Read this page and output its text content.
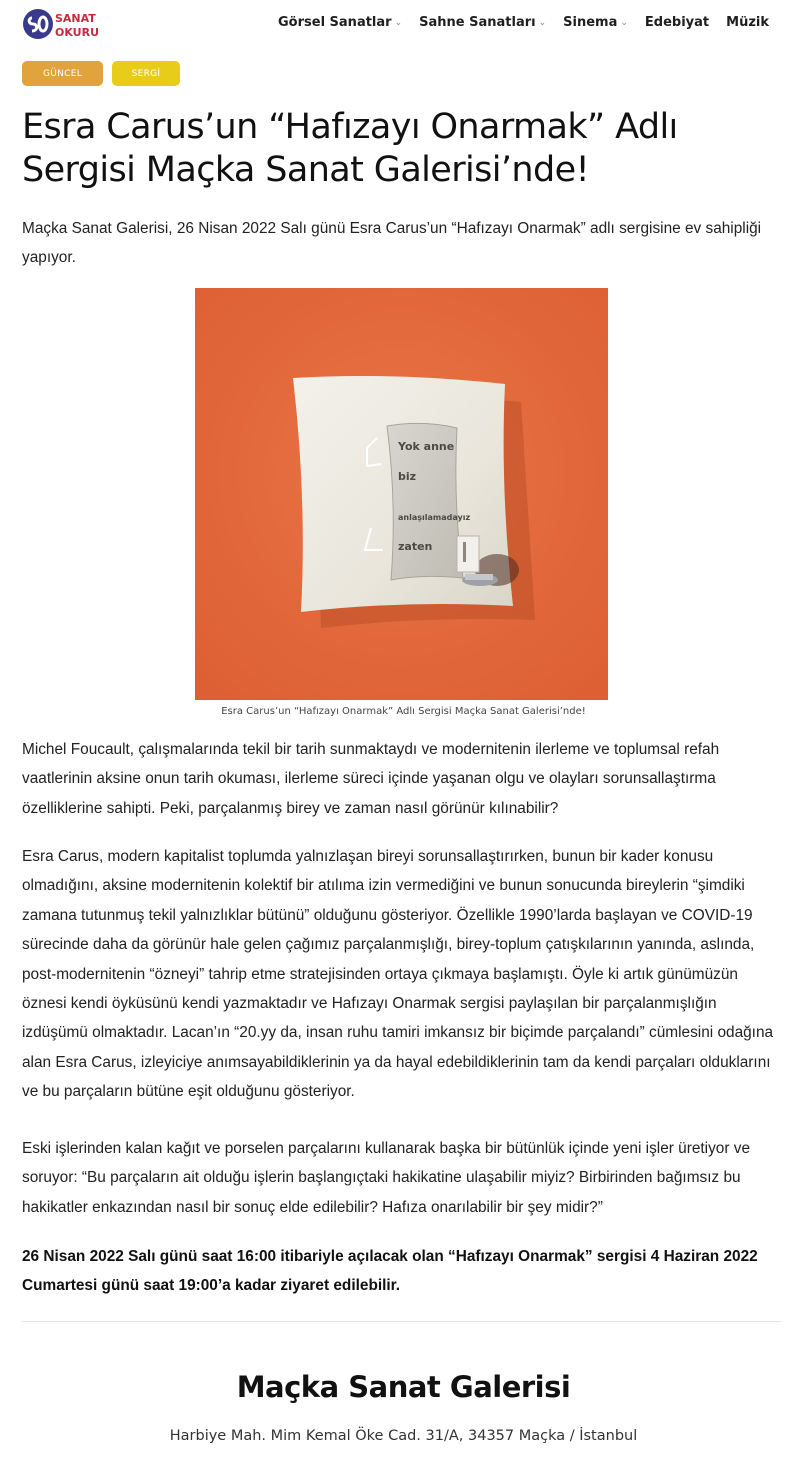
SANAT
OKURU
Görsel Sanatlar ⌄ Sahne Sanatları ⌄ Sinema ⌄ Edebiyat Müzik
GÜNCEL	SERGİ
Esra Carus’un “Hafızayı Onarmak” Adlı Sergisi Maçka Sanat Galerisi’nde!

Maçka Sanat Galerisi, 26 Nisan 2022 Salı günü Esra Carus’un “Hafızayı Onarmak” adlı sergisine ev sahipliği yapıyor.

Yok anne
biz
anlaşılamadayız
zaten
Esra Carus’un “Hafızayı Onarmak” Adlı Sergisi Maçka Sanat Galerisi’nde!

Michel Foucault, çalışmalarında tekil bir tarih sunmaktaydı ve modernitenin ilerleme ve toplumsal refah vaatlerinin aksine onun tarih okuması, ilerleme süreci içinde yaşanan olgu ve olayları sorunsallaştırma özelliklerine sahipti. Peki, parçalanmış birey ve zaman nasıl görünür kılınabilir?

Esra Carus, modern kapitalist toplumda yalnızlaşan bireyi sorunsallaştırırken, bunun bir kader konusu olmadığını, aksine modernitenin kolektif bir atılıma izin vermediğini ve bunun sonucunda bireylerin “şimdiki zamana tutunmuş tekil yalnızlıklar bütünü” olduğunu gösteriyor. Özellikle 1990’larda başlayan ve COVID-19 sürecinde daha da görünür hale gelen çağımız parçalanmışlığı, birey-toplum çatışkılarının yanında, aslında, post-modernitenin “özneyi” tahrip etme stratejisinden ortaya çıkmaya başlamıştı. Öyle ki artık günümüzün öznesi kendi öyküsünü kendi yazmaktadır ve Hafızayı Onarmak sergisi paylaşılan bir parçalanmışlığın izdüşümü olmaktadır. Lacan’ın “20.yy da, insan ruhu tamiri imkansız bir biçimde parçalandı” cümlesini odağına alan Esra Carus, izleyiciye anımsayabildiklerinin ya da hayal edebildiklerinin tam da kendi parçaları olduklarını ve bu parçaların bütüne eşit olduğunu gösteriyor.

Eski işlerinden kalan kağıt ve porselen parçalarını kullanarak başka bir bütünlük içinde yeni işler üretiyor ve soruyor: “Bu parçaların ait olduğu işlerin başlangıçtaki hakikatine ulaşabilir miyiz? Birbirinden bağımsız bu hakikatler enkazından nasıl bir sonuç elde edilebilir? Hafıza onarılabilir bir şey midir?”

26 Nisan 2022 Salı günü saat 16:00 itibariyle açılacak olan “Hafızayı Onarmak” sergisi 4 Haziran 2022 Cumartesi günü saat 19:00’a kadar ziyaret edilebilir.

Maçka Sanat Galerisi

Harbiye Mah. Mim Kemal Öke Cad. 31/A, 34357 Maçka / İstanbul
